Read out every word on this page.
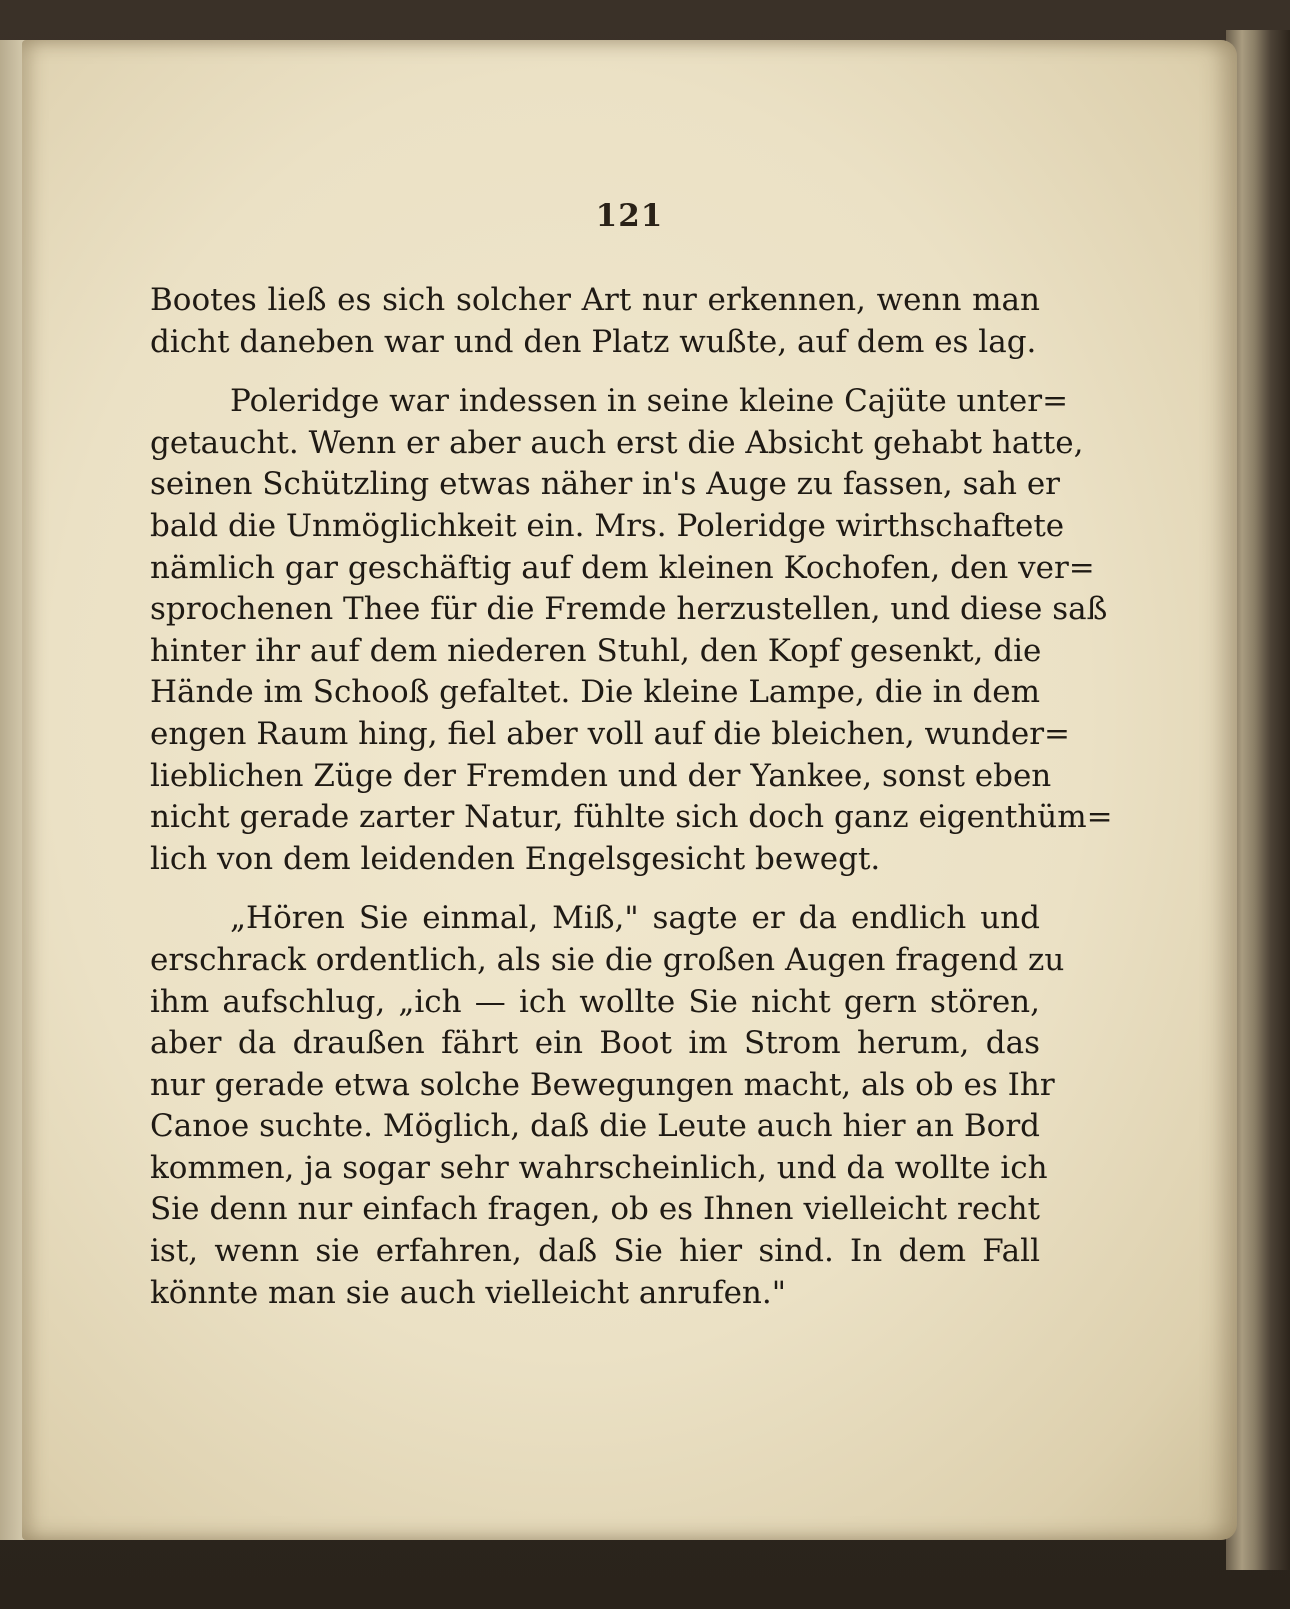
121
Bootes ließ es sich solcher Art nur erkennen, wenn man
dicht daneben war und den Platz wußte, auf dem es lag.
Poleridge war indessen in seine kleine Cajüte unter=
getaucht. Wenn er aber auch erst die Absicht gehabt hatte,
seinen Schützling etwas näher in's Auge zu fassen, sah er
bald die Unmöglichkeit ein. Mrs. Poleridge wirthschaftete
nämlich gar geschäftig auf dem kleinen Kochofen, den ver=
sprochenen Thee für die Fremde herzustellen, und diese saß
hinter ihr auf dem niederen Stuhl, den Kopf gesenkt, die
Hände im Schooß gefaltet. Die kleine Lampe, die in dem
engen Raum hing, fiel aber voll auf die bleichen, wunder=
lieblichen Züge der Fremden und der Yankee, sonst eben
nicht gerade zarter Natur, fühlte sich doch ganz eigenthüm=
lich von dem leidenden Engelsgesicht bewegt.
„Hören Sie einmal, Miß," sagte er da endlich und
erschrack ordentlich, als sie die großen Augen fragend zu
ihm aufschlug, „ich — ich wollte Sie nicht gern stören,
aber da draußen fährt ein Boot im Strom herum, das
nur gerade etwa solche Bewegungen macht, als ob es Ihr
Canoe suchte. Möglich, daß die Leute auch hier an Bord
kommen, ja sogar sehr wahrscheinlich, und da wollte ich
Sie denn nur einfach fragen, ob es Ihnen vielleicht recht
ist, wenn sie erfahren, daß Sie hier sind. In dem Fall
könnte man sie auch vielleicht anrufen."
